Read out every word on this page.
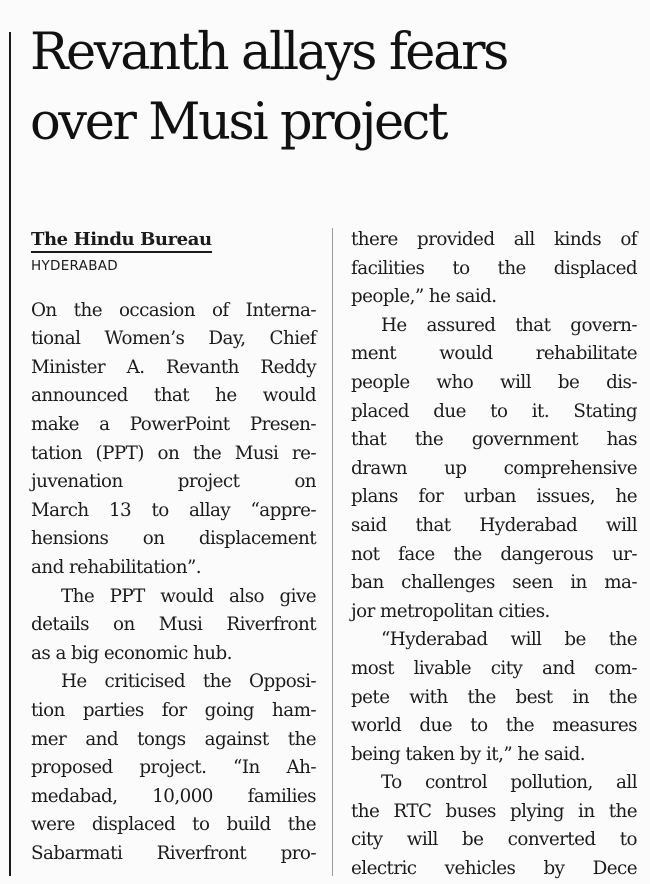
Revanth allays fears
over Musi project
The Hindu Bureau
HYDERABAD
On the occasion of Interna-
tional Women’s Day, Chief
Minister A. Revanth Reddy
announced that he would
make a PowerPoint Presen-
tation (PPT) on the Musi re-
juvenation project on
March 13 to allay “appre-
hensions on displacement
and rehabilitation”.
The PPT would also give
details on Musi Riverfront
as a big economic hub.
He criticised the Opposi-
tion parties for going ham-
mer and tongs against the
proposed project. “In Ah-
medabad, 10,000 families
were displaced to build the
Sabarmati Riverfront pro-
there provided all kinds of
facilities to the displaced
people,” he said.
He assured that govern-
ment would rehabilitate
people who will be dis-
placed due to it. Stating
that the government has
drawn up comprehensive
plans for urban issues, he
said that Hyderabad will
not face the dangerous ur-
ban challenges seen in ma-
jor metropolitan cities.
“Hyderabad will be the
most livable city and com-
pete with the best in the
world due to the measures
being taken by it,” he said.
To control pollution, all
the RTC buses plying in the
city will be converted to
electric vehicles by Dece
